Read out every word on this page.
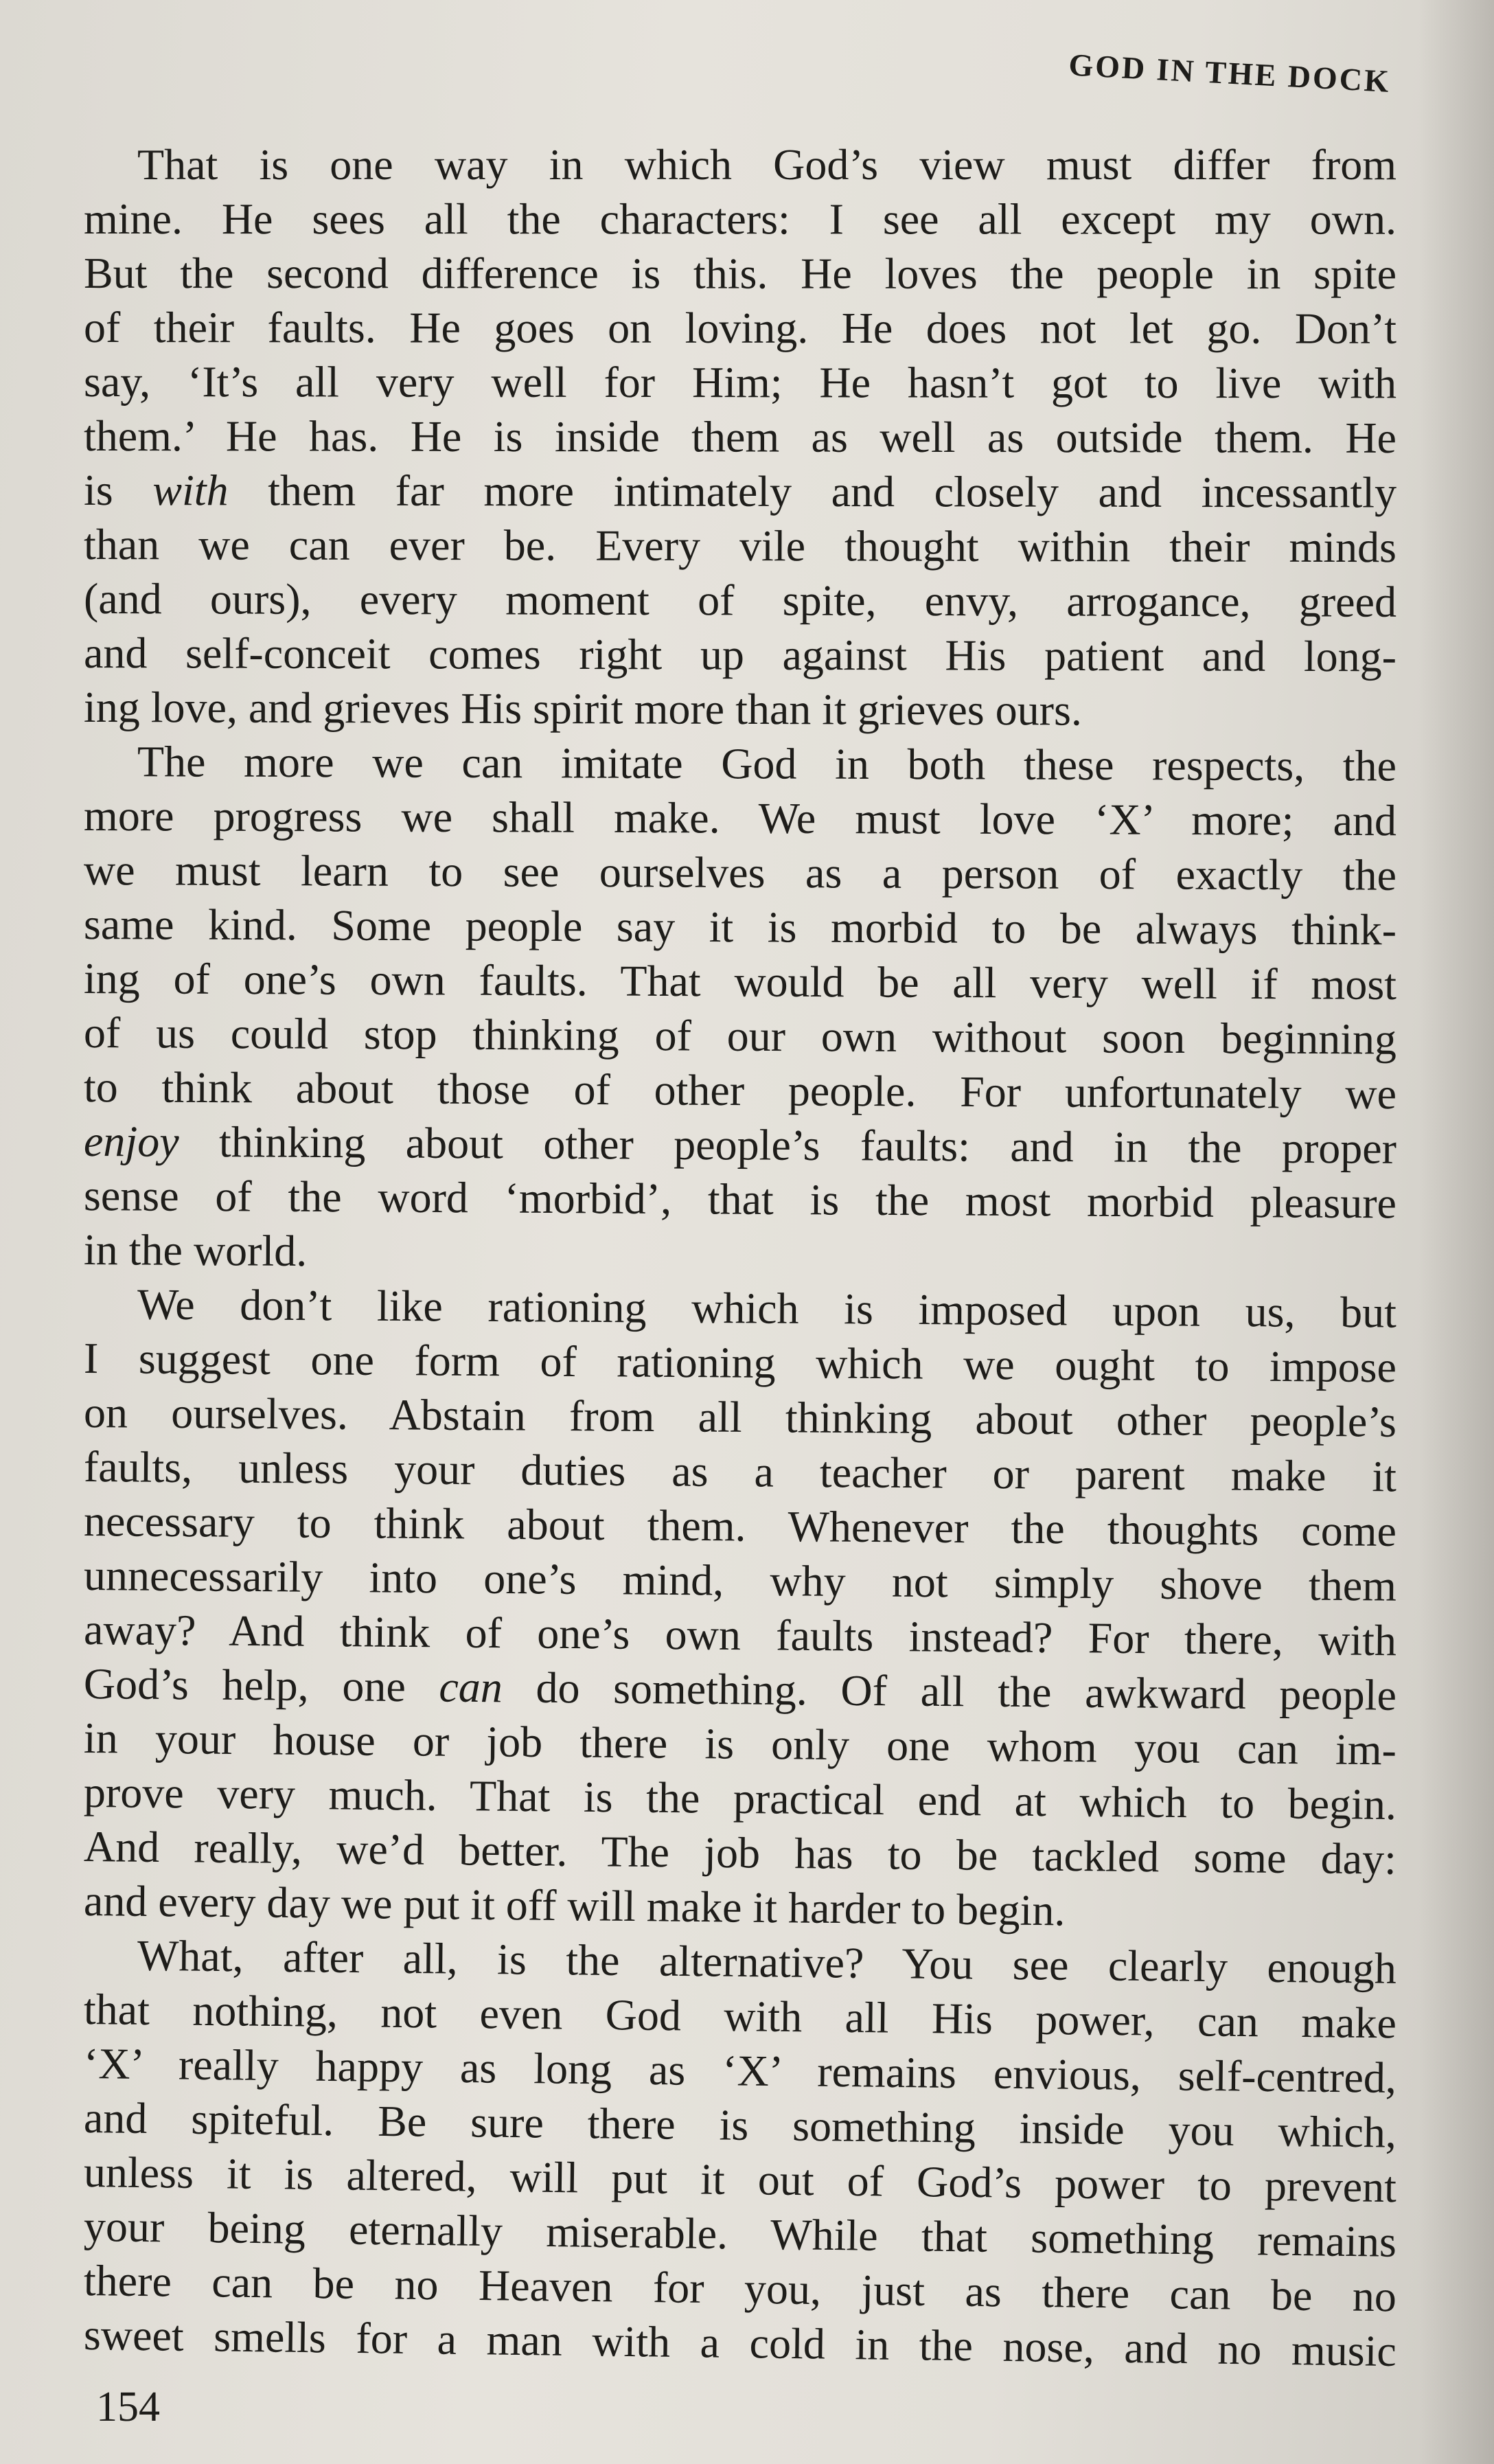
GOD IN THE DOCK
That is one way in which God’s view must differ from
mine. He sees all the characters: I see all except my own.
But the second difference is this. He loves the people in spite
of their faults. He goes on loving. He does not let go. Don’t
say, ‘It’s all very well for Him; He hasn’t got to live with
them.’ He has. He is inside them as well as outside them. He
is with them far more intimately and closely and incessantly
than we can ever be. Every vile thought within their minds
(and ours), every moment of spite, envy, arrogance, greed
and self-conceit comes right up against His patient and long-
ing love, and grieves His spirit more than it grieves ours.
The more we can imitate God in both these respects, the
more progress we shall make. We must love ‘X’ more; and
we must learn to see ourselves as a person of exactly the
same kind. Some people say it is morbid to be always think-
ing of one’s own faults. That would be all very well if most
of us could stop thinking of our own without soon beginning
to think about those of other people. For unfortunately we
enjoy thinking about other people’s faults: and in the proper
sense of the word ‘morbid’, that is the most morbid pleasure
in the world.
We don’t like rationing which is imposed upon us, but
I suggest one form of rationing which we ought to impose
on ourselves. Abstain from all thinking about other people’s
faults, unless your duties as a teacher or parent make it
necessary to think about them. Whenever the thoughts come
unnecessarily into one’s mind, why not simply shove them
away? And think of one’s own faults instead? For there, with
God’s help, one can do something. Of all the awkward people
in your house or job there is only one whom you can im-
prove very much. That is the practical end at which to begin.
And really, we’d better. The job has to be tackled some day:
and every day we put it off will make it harder to begin.
What, after all, is the alternative? You see clearly enough
that nothing, not even God with all His power, can make
‘X’ really happy as long as ‘X’ remains envious, self-centred,
and spiteful. Be sure there is something inside you which,
unless it is altered, will put it out of God’s power to prevent
your being eternally miserable. While that something remains
there can be no Heaven for you, just as there can be no
sweet smells for a man with a cold in the nose, and no music
154
